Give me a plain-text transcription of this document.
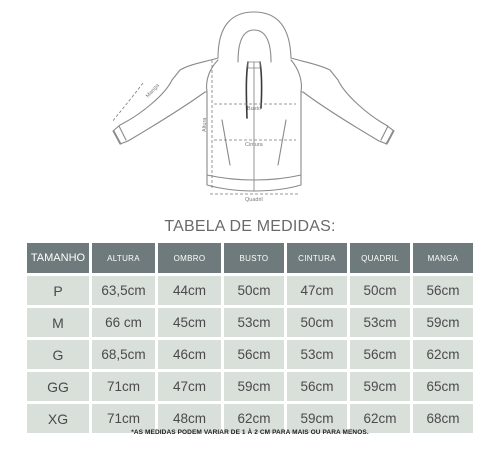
Manga
Altura
Busto
Cintura
Quadril
TABELA DE MEDIDAS:
TAMANHO	ALTURA	OMBRO	BUSTO	CINTURA	QUADRIL	MANGA
P	63,5cm	44cm	50cm	47cm	50cm	56cm
M	66 cm	45cm	53cm	50cm	53cm	59cm
G	68,5cm	46cm	56cm	53cm	56cm	62cm
GG	71cm	47cm	59cm	56cm	59cm	65cm
XG	71cm	48cm	62cm	59cm	62cm	68cm
*AS MEDIDAS PODEM VARIAR DE 1 À 2 CM PARA MAIS OU PARA MENOS.
